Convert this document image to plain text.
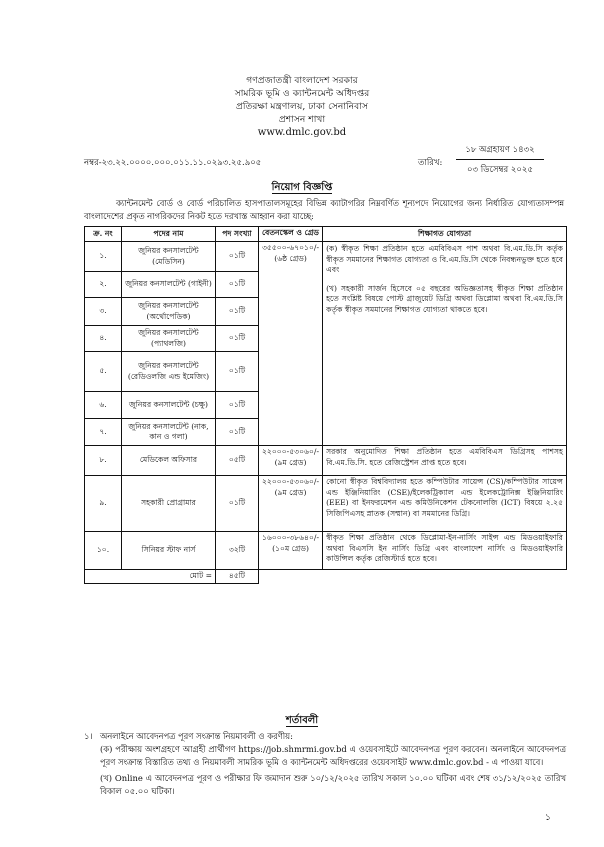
গণপ্রজাতন্ত্রী বাংলাদেশ সরকার
সামরিক ভূমি ও ক্যান্টনমেন্ট অধিদপ্তর
প্রতিরক্ষা মন্ত্রণালয়, ঢাকা সেনানিবাস
প্রশাসন শাখা
www.dmlc.gov.bd
নম্বর-২৩.২২.০০০০.০০০.০১১.১১.০২৯৩.২৫.৯০৫	তারিখ:
১৮ অগ্রহায়ণ ১৪৩২
০৩ ডিসেম্বর ২০২৫
নিয়োগ বিজ্ঞপ্তি
ক্যান্টনমেন্ট বোর্ড ও বোর্ড পরিচালিত হাসপাতালসমূহের বিভিন্ন ক্যাটাগরির নিম্নবর্ণিত শূন্যপদে নিয়োগের জন্য নির্ধারিত যোগ্যতাসম্পন্ন বাংলাদেশের প্রকৃত নাগরিকদের নিকট হতে দরখাস্ত আহ্বান করা যাচ্ছে:
ক্র. নং	পদের নাম	পদ সংখ্যা	বেতনস্কেল ও গ্রেড	শিক্ষাগত যোগ্যতা
১.	জুনিয়র কনসালটেন্ট (মেডিসিন)	০১টি	৩৫৫০০-৬৭০১০/- (৬ষ্ঠ গ্রেড)	(ক) স্বীকৃত শিক্ষা প্রতিষ্ঠান হতে এমবিবিএস পাশ অথবা বি.এম.ডি.সি কর্তৃক স্বীকৃত সমমানের শিক্ষাগত যোগ্যতা ও বি.এম.ডি.সি থেকে নিবন্ধনভুক্ত হতে হবে এবং
(খ) সহকারী সার্জন হিসেবে ০৫ বছরের অভিজ্ঞতাসহ স্বীকৃত শিক্ষা প্রতিষ্ঠান হতে সংশ্লিষ্ট বিষয়ে পোস্ট গ্রাজুয়েট ডিগ্রি অথবা ডিপ্লোমা অথবা বি.এম.ডি.সি কর্তৃক স্বীকৃত সমমানের শিক্ষাগত যোগ্যতা থাকতে হবে।

২.	জুনিয়র কনসালটেন্ট (গাইনী)	০১টি		
৩.	জুনিয়র কনসালটেন্ট (অর্থোপেডিক)	০১টি		
৪.	জুনিয়র কনসালটেন্ট (প্যাথলজি)	০১টি		
৫.	জুনিয়র কনসালটেন্ট (রেডিওলজি এন্ড ইমেজিং)	০১টি		
৬.	জুনিয়র কনসালটেন্ট (চক্ষু)	০১টি		
৭.	জুনিয়র কনসালটেন্ট (নাক, কান ও গলা)	০১টি		
৮.	মেডিকেল অফিসার	০৫টি	২২০০০-৫৩০৬০/- (৯ম গ্রেড)	সরকার অনুমোদিত শিক্ষা প্রতিষ্ঠান হতে এমবিবিএস ডিগ্রিসহ পাশসহ বি.এম.ডি.সি. হতে রেজিস্ট্রেশন প্রাপ্ত হতে হবে।
৯.	সহকারী প্রোগ্রামার	০১টি	২২০০০-৫৩০৬০/- (৯ম গ্রেড)	কোনো স্বীকৃত বিশ্ববিদ্যালয় হতে কম্পিউটার সায়েন্স (CS)/কম্পিউটার সায়েন্স এন্ড ইঞ্জিনিয়ারিং (CSE)/ইলেকট্রিক্যাল এন্ড ইলেকট্রোনিক্স ইঞ্জিনিয়ারিং (EEE) বা ইনফরমেশন এন্ড কমিউনিকেশন টেকনোলজি (ICT) বিষয়ে ২.২৫ সিজিপিএসহ স্নাতক (সম্মান) বা সমমানের ডিগ্রি।
১০.	সিনিয়র স্টাফ নার্স	৩২টি	১৬০০০-৩৮৬৪০/- (১০ম গ্রেড)	স্বীকৃত শিক্ষা প্রতিষ্ঠান থেকে ডিপ্লোমা-ইন-নার্সিং সাইন্স এন্ড মিডওয়াইফারি অথবা বিএসসি ইন নার্সিং ডিগ্রি এবং বাংলাদেশ নার্সিং ও মিডওয়াইফারি কাউন্সিল কর্তৃক রেজিস্টার্ড হতে হবে।
মোট =		৪৫টি		
শর্তাবলী
১। অনলাইনে আবেদনপত্র পূরণ সংক্রান্ত নিয়মাবলী ও করণীয়:
(ক) পরীক্ষায় অংশগ্রহণে আগ্রহী প্রার্থীগণ https://job.shmrmi.gov.bd এ ওয়েবসাইটে আবেদনপত্র পূরণ করবেন। অনলাইনে আবেদনপত্র পূরণ সংক্রান্ত বিস্তারিত তথ্য ও নিয়মাবলী সামরিক ভূমি ও ক্যান্টনমেন্ট অধিদপ্তরের ওয়েবসাইট www.dmlc.gov.bd - এ পাওয়া যাবে।
(খ) Online এ আবেদনপত্র পূরণ ও পরীক্ষার ফি জমাদান শুরু ১০/১২/২০২৫ তারিখ সকাল ১০.০০ ঘটিকা এবং শেষ ৩১/১২/২০২৫ তারিখ বিকাল ০৫.০০ ঘটিকা।
১
